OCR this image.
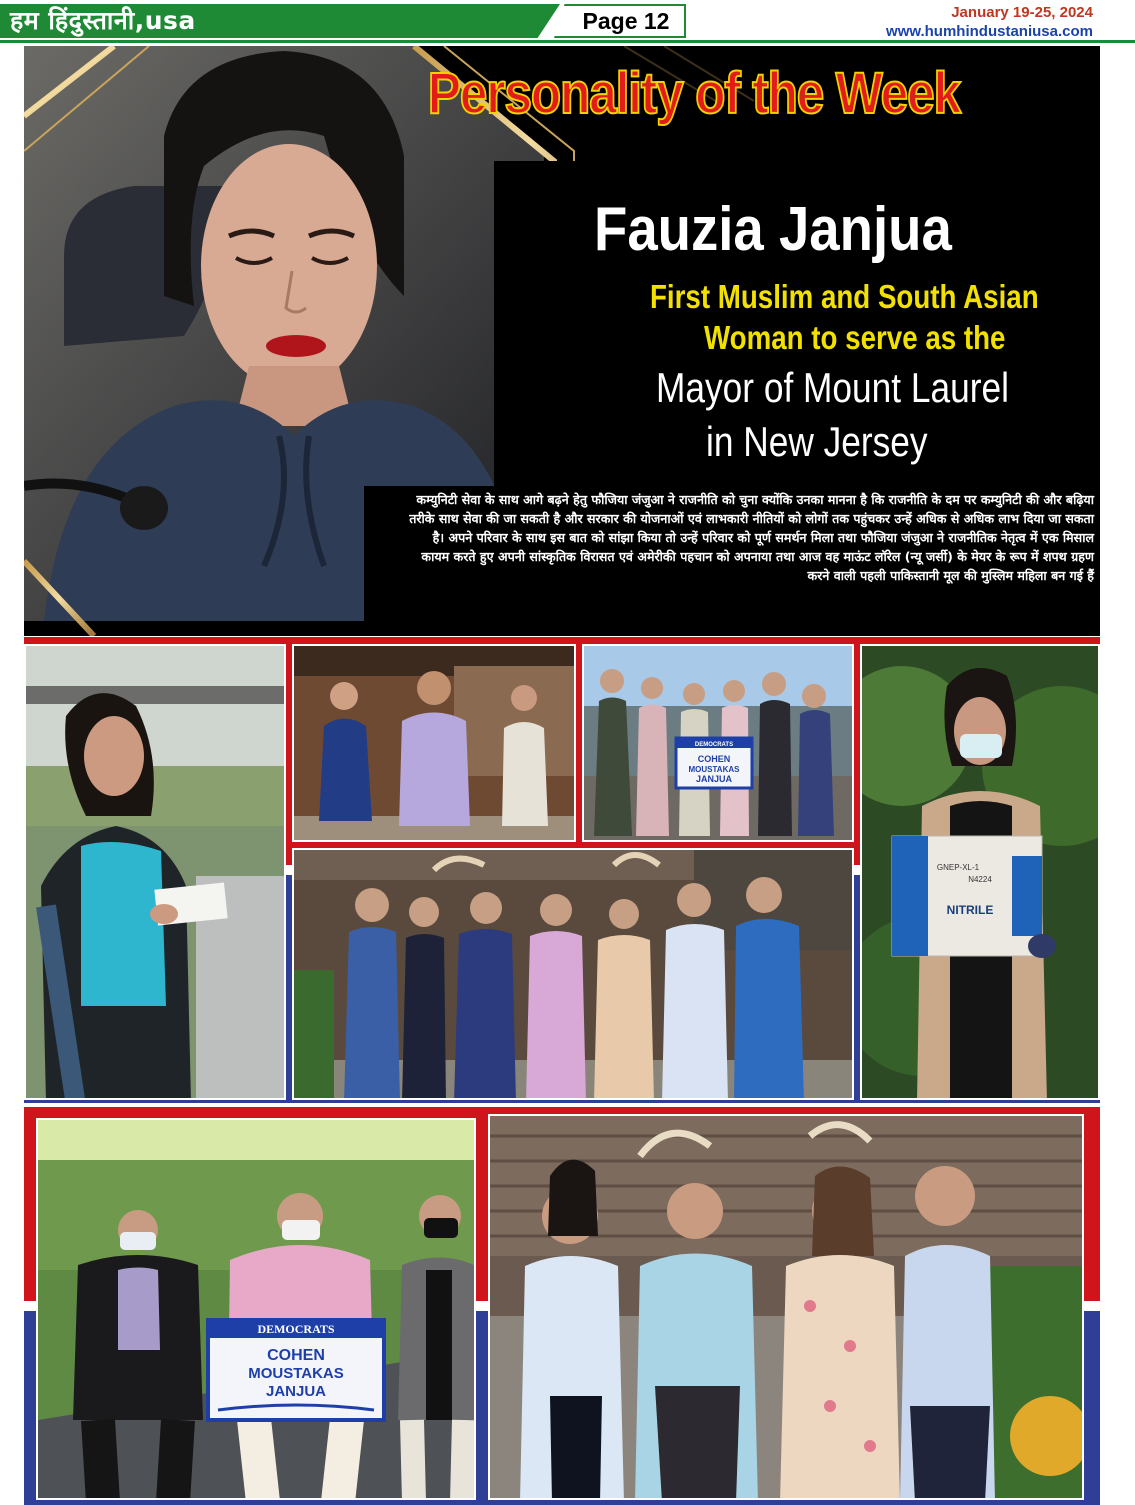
हम हिंदुस्तानी,usa	Page 12	January 19-25, 2024
www.humhindustaniusa.com
Personality of the Week
Fauzia Janjua
First Muslim and South Asian
Woman to serve as the
Mayor of Mount Laurel
in New Jersey
कम्युनिटी सेवा के साथ आगे बढ़ने हेतु फौजिया जंजुआ ने राजनीति को चुना क्योंकि उनका मानना है कि राजनीति के दम पर कम्युनिटी की और बढ़िया तरीके साथ सेवा की जा सकती है और सरकार की योजनाओं एवं लाभकारी नीतियों को लोगों तक पहुंचकर उन्हें अधिक से अधिक लाभ दिया जा सकता है। अपने परिवार के साथ इस बात को सांझा किया तो उन्हें परिवार को पूर्ण समर्थन मिला तथा फौजिया जंजुआ ने राजनीतिक नेतृत्व में एक मिसाल कायम करते हुए अपनी सांस्कृतिक विरासत एवं अमेरीकी पहचान को अपनाया तथा आज वह माऊंट लॉरेल (न्यू जर्सी) के मेयर के रूप में शपथ ग्रहण करने वाली पहली पाकिस्तानी मूल की मुस्लिम महिला बन गई हैं
COHEN
MOUSTAKAS
JANJUA
DEMOCRATS
NITRILE
GNEP-XL-1
N4224
DEMOCRATS
COHEN
MOUSTAKAS
JANJUA
